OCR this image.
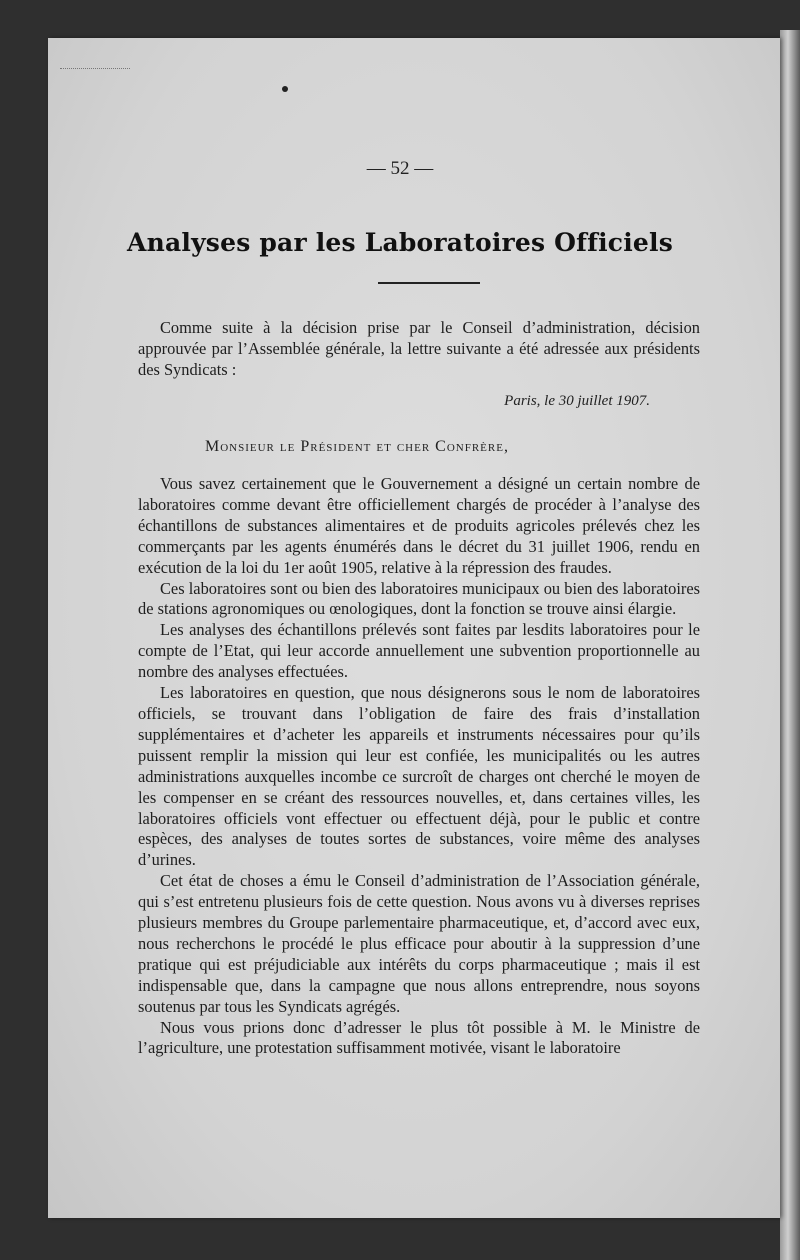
— 52 —
Analyses par les Laboratoires Officiels

Comme suite à la décision prise par le Conseil d’administration, décision approuvée par l’Assemblée générale, la lettre suivante a été adressée aux présidents des Syndicats :

Paris, le 30 juillet 1907.
Monsieur le Président et cher Confrère,

Vous savez certainement que le Gouvernement a désigné un certain nombre de laboratoires comme devant être officiellement chargés de procéder à l’analyse des échantillons de substances alimentaires et de produits agricoles prélevés chez les commerçants par les agents énumérés dans le décret du 31 juillet 1906, rendu en exécution de la loi du 1er août 1905, relative à la répression des fraudes.

Ces laboratoires sont ou bien des laboratoires municipaux ou bien des laboratoires de stations agronomiques ou œnologiques, dont la fonction se trouve ainsi élargie.

Les analyses des échantillons prélevés sont faites par lesdits laboratoires pour le compte de l’Etat, qui leur accorde annuellement une subvention proportionnelle au nombre des analyses effectuées.

Les laboratoires en question, que nous désignerons sous le nom de laboratoires officiels, se trouvant dans l’obligation de faire des frais d’installation supplémentaires et d’acheter les appareils et instruments nécessaires pour qu’ils puissent remplir la mission qui leur est confiée, les municipalités ou les autres administrations auxquelles incombe ce surcroît de charges ont cherché le moyen de les compenser en se créant des ressources nouvelles, et, dans certaines villes, les laboratoires officiels vont effectuer ou effectuent déjà, pour le public et contre espèces, des analyses de toutes sortes de substances, voire même des analyses d’urines.

Cet état de choses a ému le Conseil d’administration de l’Association générale, qui s’est entretenu plusieurs fois de cette question. Nous avons vu à diverses reprises plusieurs membres du Groupe parlementaire pharmaceutique, et, d’accord avec eux, nous recherchons le procédé le plus efficace pour aboutir à la suppression d’une pratique qui est préjudiciable aux intérêts du corps pharmaceutique ; mais il est indispensable que, dans la campagne que nous allons entreprendre, nous soyons soutenus par tous les Syndicats agrégés.

Nous vous prions donc d’adresser le plus tôt possible à M. le Ministre de l’agriculture, une protestation suffisamment motivée, visant le laboratoire
